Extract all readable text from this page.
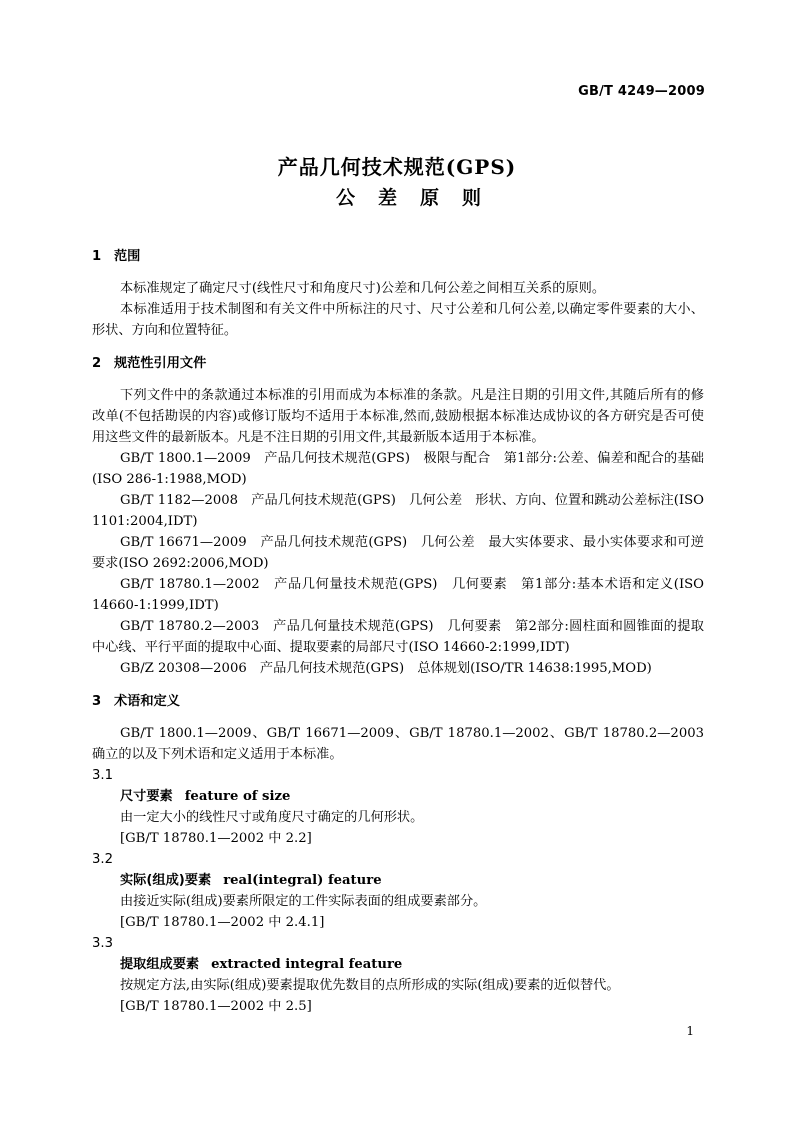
GB/T 4249—2009
产品几何技术规范(GPS)
公差原则

1 范围

本标准规定了确定尺寸(线性尺寸和角度尺寸)公差和几何公差之间相互关系的原则。

本标准适用于技术制图和有关文件中所标注的尺寸、尺寸公差和几何公差,以确定零件要素的大小、形状、方向和位置特征。

2 规范性引用文件

下列文件中的条款通过本标准的引用而成为本标准的条款。凡是注日期的引用文件,其随后所有的修改单(不包括勘误的内容)或修订版均不适用于本标准,然而,鼓励根据本标准达成协议的各方研究是否可使用这些文件的最新版本。凡是不注日期的引用文件,其最新版本适用于本标准。

GB/T 1800.1—2009　产品几何技术规范(GPS)　极限与配合　第1部分:公差、偏差和配合的基础(ISO 286-1:1988,MOD)

GB/T 1182—2008　产品几何技术规范(GPS)　几何公差　形状、方向、位置和跳动公差标注(ISO 1101:2004,IDT)

GB/T 16671—2009　产品几何技术规范(GPS)　几何公差　最大实体要求、最小实体要求和可逆要求(ISO 2692:2006,MOD)

GB/T 18780.1—2002　产品几何量技术规范(GPS)　几何要素　第1部分:基本术语和定义(ISO 14660-1:1999,IDT)

GB/T 18780.2—2003　产品几何量技术规范(GPS)　几何要素　第2部分:圆柱面和圆锥面的提取中心线、平行平面的提取中心面、提取要素的局部尺寸(ISO 14660-2:1999,IDT)

GB/Z 20308—2006　产品几何技术规范(GPS)　总体规划(ISO/TR 14638:1995,MOD)

3 术语和定义

GB/T 1800.1—2009、GB/T 16671—2009、GB/T 18780.1—2002、GB/T 18780.2—2003 确立的以及下列术语和定义适用于本标准。

3.1

尺寸要素 feature of size

由一定大小的线性尺寸或角度尺寸确定的几何形状。

[GB/T 18780.1—2002 中 2.2]

3.2

实际(组成)要素 real(integral) feature

由接近实际(组成)要素所限定的工件实际表面的组成要素部分。

[GB/T 18780.1—2002 中 2.4.1]

3.3

提取组成要素 extracted integral feature

按规定方法,由实际(组成)要素提取优先数目的点所形成的实际(组成)要素的近似替代。

[GB/T 18780.1—2002 中 2.5]

1
